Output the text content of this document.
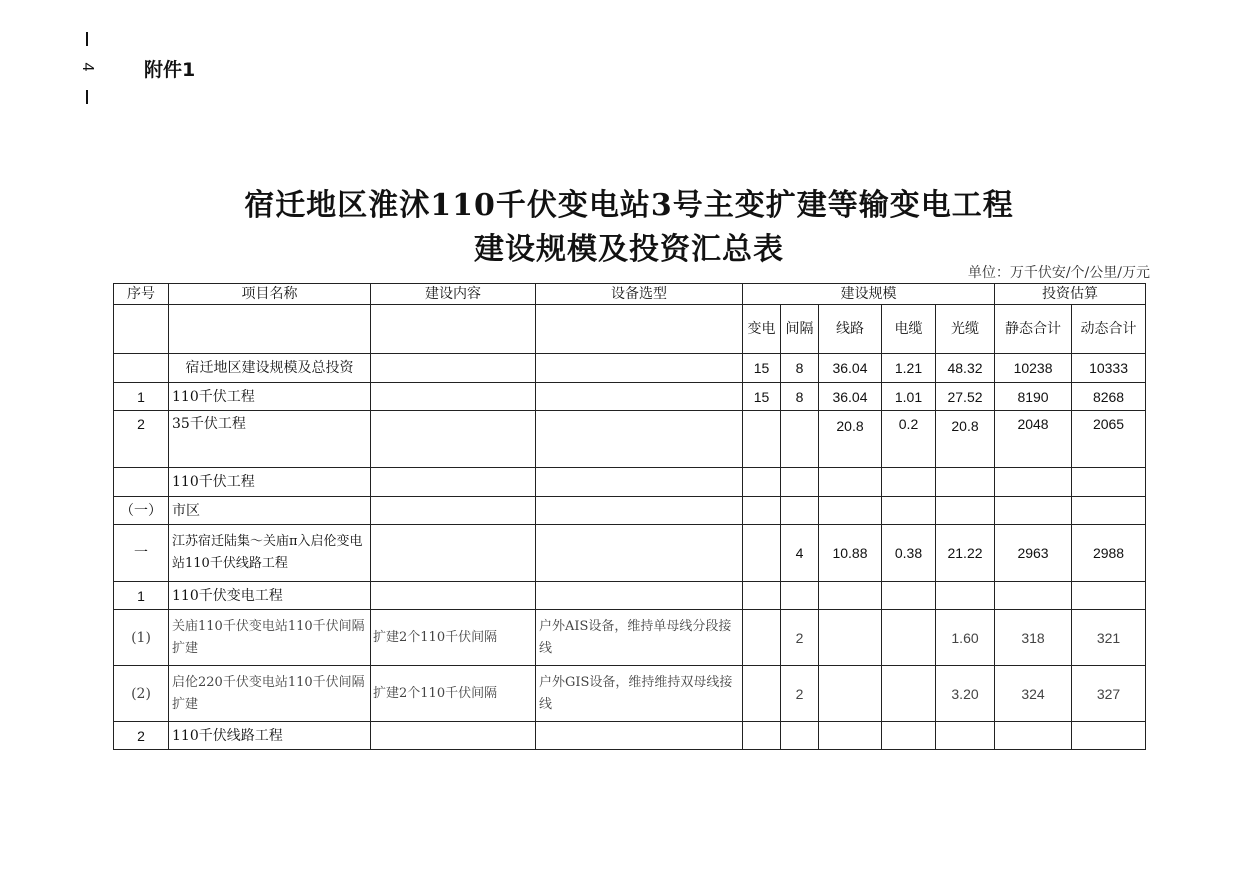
4	附件1
宿迁地区淮沭110千伏变电站3号主变扩建等输变电工程
建设规模及投资汇总表
单位：万千伏安/个/公里/万元
序号	项目名称	建设内容	设备选型	建设规模					投资估算	
				变电	间隔	线路	电缆	光缆	静态合计	动态合计
	宿迁地区建设规模及总投资			15	8	36.04	1.21	48.32	10238	10333
1	110千伏工程			15	8	36.04	1.01	27.52	8190	8268
2	35千伏工程					20.8	0.2	20.8	2048	2065
	110千伏工程									
（一）	市区									
一	江苏宿迁陆集～关庙π入启伦变电站110千伏线路工程				4	10.88	0.38	21.22	2963	2988
1	110千伏变电工程									
(1)	关庙110千伏变电站110千伏间隔扩建	扩建2个110千伏间隔	户外AIS设备，维持单母线分段接线		2			1.60	318	321
(2)	启伦220千伏变电站110千伏间隔扩建	扩建2个110千伏间隔	户外GIS设备，维持维持双母线接线		2			3.20	324	327
2	110千伏线路工程									
